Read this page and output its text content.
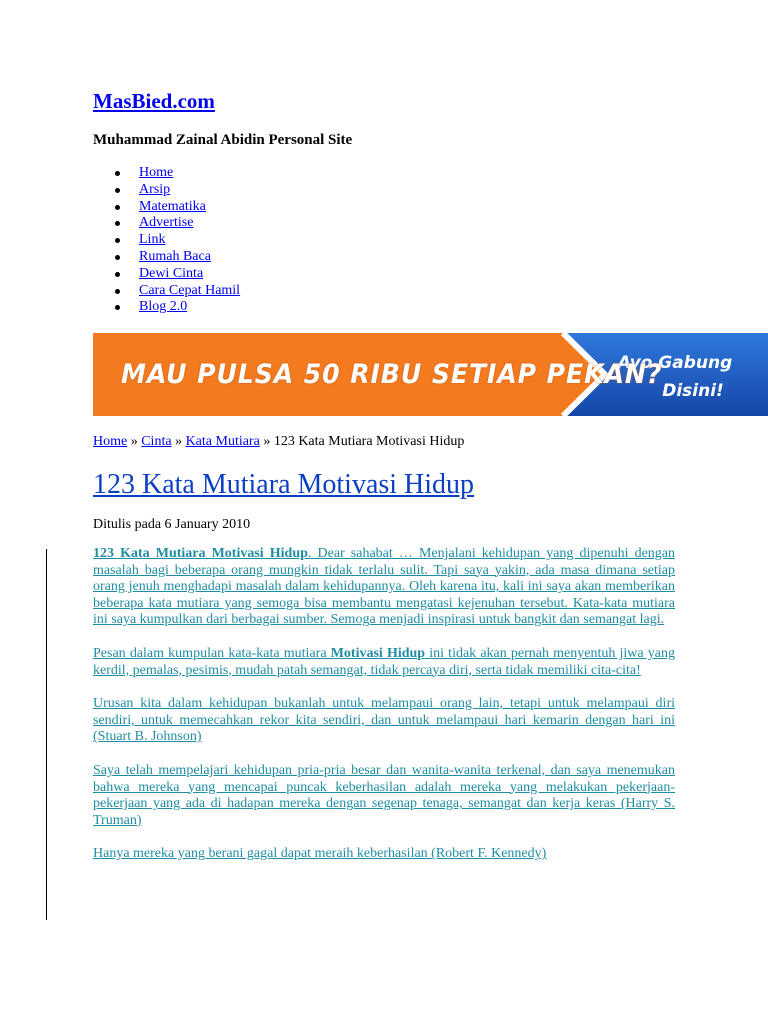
MasBied.com

Muhammad Zainal Abidin Personal Site

Home
Arsip
Matematika
Advertise
Link
Rumah Baca
Dewi Cinta
Cara Cepat Hamil
Blog 2.0
Ayo Gabung
Disini!
MAU PULSA 50 RIBU SETIAP PEKAN?

Home » Cinta » Kata Mutiara » 123 Kata Mutiara Motivasi Hidup

123 Kata Mutiara Motivasi Hidup

Ditulis pada 6 January 2010

123 Kata Mutiara Motivasi Hidup. Dear sahabat … Menjalani kehidupan yang dipenuhi dengan masalah bagi beberapa orang mungkin tidak terlalu sulit. Tapi saya yakin, ada masa dimana setiap orang jenuh menghadapi masalah dalam kehidupannya. Oleh karena itu, kali ini saya akan memberikan beberapa kata mutiara yang semoga bisa membantu mengatasi kejenuhan tersebut. Kata-kata mutiara ini saya kumpulkan dari berbagai sumber. Semoga menjadi inspirasi untuk bangkit dan semangat lagi.

Pesan dalam kumpulan kata-kata mutiara Motivasi Hidup ini tidak akan pernah menyentuh jiwa yang kerdil, pemalas, pesimis, mudah patah semangat, tidak percaya diri, serta tidak memiliki cita-cita!

Urusan kita dalam kehidupan bukanlah untuk melampaui orang lain, tetapi untuk melampaui diri sendiri, untuk memecahkan rekor kita sendiri, dan untuk melampaui hari kemarin dengan hari ini (Stuart B. Johnson)

Saya telah mempelajari kehidupan pria-pria besar dan wanita-wanita terkenal, dan saya menemukan bahwa mereka yang mencapai puncak keberhasilan adalah mereka yang melakukan pekerjaan-pekerjaan yang ada di hadapan mereka dengan segenap tenaga, semangat dan kerja keras (Harry S. Truman)

Hanya mereka yang berani gagal dapat meraih keberhasilan (Robert F. Kennedy)
